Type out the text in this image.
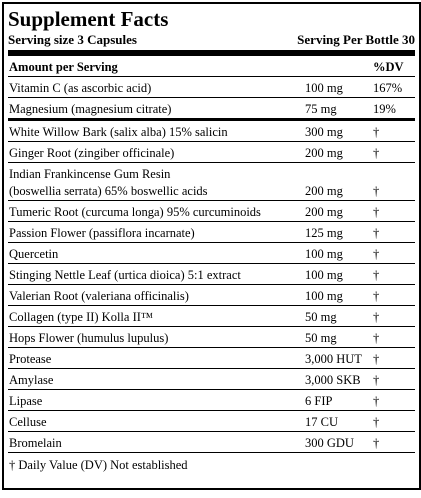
Supplement Facts
Serving size 3 Capsules	Serving Per Bottle 30
Amount per Serving	%DV
Vitamin C (as ascorbic acid)	100 mg	167%
Magnesium (magnesium citrate)	75 mg	19%
White Willow Bark (salix alba) 15% salicin	300 mg	†
Ginger Root (zingiber officinale)	200 mg	†
Indian Frankincense Gum Resin
(boswellia serrata) 65% boswellic acids	200 mg	†
Tumeric Root (curcuma longa) 95% curcuminoids	200 mg	†
Passion Flower (passiflora incarnate)	125 mg	†
Quercetin	100 mg	†
Stinging Nettle Leaf (urtica dioica) 5:1 extract	100 mg	†
Valerian Root (valeriana officinalis)	100 mg	†
Collagen (type II) Kolla II™	50 mg	†
Hops Flower (humulus lupulus)	50 mg	†
Protease	3,000 HUT †
Amylase	3,000 SKB †
Lipase	6 FIP	†
Celluse	17 CU	†
Bromelain	300 GDU	†
† Daily Value (DV) Not established
